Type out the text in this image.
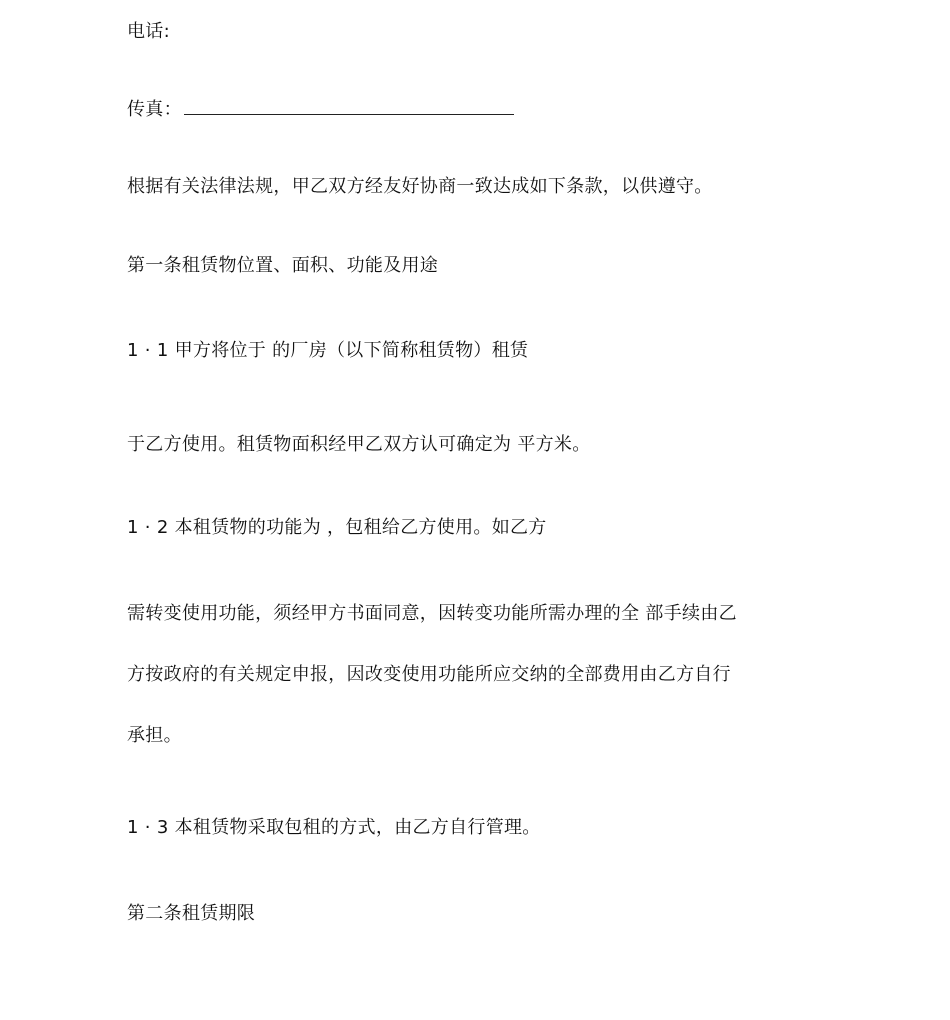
电话:
传真：
根据有关法律法规，甲乙双方经友好协商一致达成如下条款，以供遵守。
第一条租赁物位置、面积、功能及用途
1 · 1 甲方将位于 的厂房（以下简称租赁物）租赁
于乙方使用。租赁物面积经甲乙双方认可确定为 平方米。
1 · 2 本租赁物的功能为 ，包租给乙方使用。如乙方
需转变使用功能，须经甲方书面同意，因转变功能所需办理的全 部手续由乙
方按政府的有关规定申报，因改变使用功能所应交纳的全部费用由乙方自行
承担。
1 · 3 本租赁物采取包租的方式，由乙方自行管理。
第二条租赁期限
